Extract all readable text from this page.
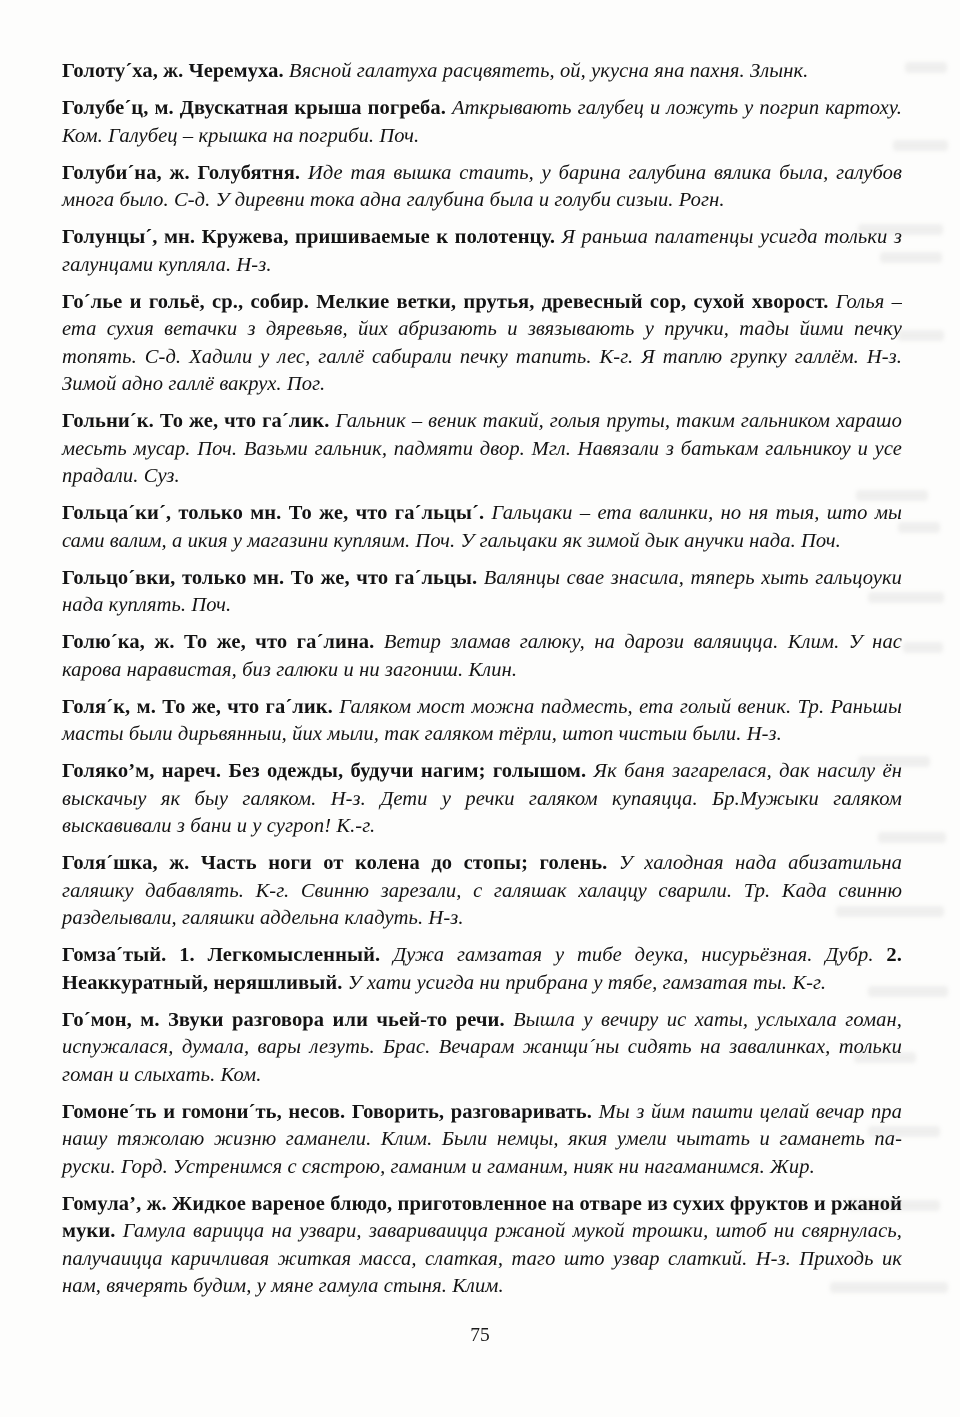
Голоту´ха, ж. Черемуха. Вясной галатуха расцвятеть, ой, укусна яна пахня. Злынк.

Голубе´ц, м. Двускатная крыша погреба. Аткрывають галубец и ложуть у погрип картоху. Ком. Галубец – крышка на погриби. Поч.

Голуби´на, ж. Голубятня. Иде тая вышка стаить, у барина галубина вялика была, галубов многа было. С-д. У диревни тока адна галубина была и голуби сизыи. Рогн.

Голунцы´, мн. Кружева, пришиваемые к полотенцу. Я раньша палатенцы усигда тольки з галунцами купляла. Н-з.

Го´лье и гольё, ср., собир. Мелкие ветки, прутья, древесный сор, сухой хворост. Голья – ета сухия ветачки з дяревьяв, йих абризають и звязывають у пручки, тады йими печку топять. С-д. Хадили у лес, галлё сабирали печку тапить. К-г. Я таплю групку галлём. Н-з. Зимой адно галлё вакрух. Пог.

Гольни´к. То же, что га´лик. Гальник – веник такий, голыя пруты, таким гальником харашо месьть мусар. Поч. Вазьми гальник, падмяти двор. Мгл. Навязали з батькам гальникоу и усе прадали. Суз.

Гольца´ки´, только мн. То же, что га´льцы´. Гальцаки – ета валинки, но ня тыя, што мы сами валим, а икия у магазини купляим. Поч. У гальцаки як зимой дык анучки нада. Поч.

Гольцо´вки, только мн. То же, что га´льцы. Валянцы свае знасила, тяперь хыть гальцоуки нада куплять. Поч.

Голю´ка, ж. То же, что га´лина. Ветир зламав галюку, на дарози валяицца. Клим. У нас карова наравистая, биз галюки и ни загониш. Клин.

Голя´к, м. То же, что га´лик. Галяком мост можна падместь, ета голый веник. Тр. Раньшы масты были дирьвянныи, йих мыли, так галяком тёрли, штоп чистыи были. Н-з.

Голяко’м, нареч. Без одежды, будучи нагим; голышом. Як баня загарелася, дак насилу ён выскачыу як быу галяком. Н-з. Дети у речки галяком купаяцца. Бр.Мужыки галяком выскавивали з бани и у сугроп! К.-г.

Голя´шка, ж. Часть ноги от колена до стопы; голень. У халодная нада абизатильна галяшку дабавлять. К-г. Свинню зарезали, с галяшак халаццу сварили. Тр. Када свинню разделывали, галяшки аддельна кладуть. Н-з.

Гомза´тый. 1. Легкомысленный. Дужа гамзатая у тибе деука, нисурьёзная. Дубр. 2. Неаккуратный, неряшливый. У хати усигда ни прибрана у тябе, гамзатая ты. К-г.

Го´мон, м. Звуки разговора или чьей-то речи. Вышла у вечиру ис хаты, услыхала гоман, испужалася, думала, вары лезуть. Брас. Вечарам жанщи´ны сидять на завалинках, тольки гоман и слыхать. Ком.

Гомоне´ть и гомони´ть, несов. Говорить, разговаривать. Мы з йим пашти целай вечар пра нашу тяжолаю жизню гаманели. Клим. Были немцы, якия умели чытать и гаманеть па-руски. Горд. Устренимся с сястрою, гаманим и гаманим, нияк ни нагаманимся. Жир.

Гомула’, ж. Жидкое вареное блюдо, приготовленное на отваре из сухих фруктов и ржаной муки. Гамула варицца на узвари, завариваицца ржаной мукой трошки, штоб ни свярнулась, палучаицца каричливая житкая масса, слаткая, таго што узвар слаткий. Н-з. Приходь ик нам, вячерять будим, у мяне гамула стыня. Клим.

75
